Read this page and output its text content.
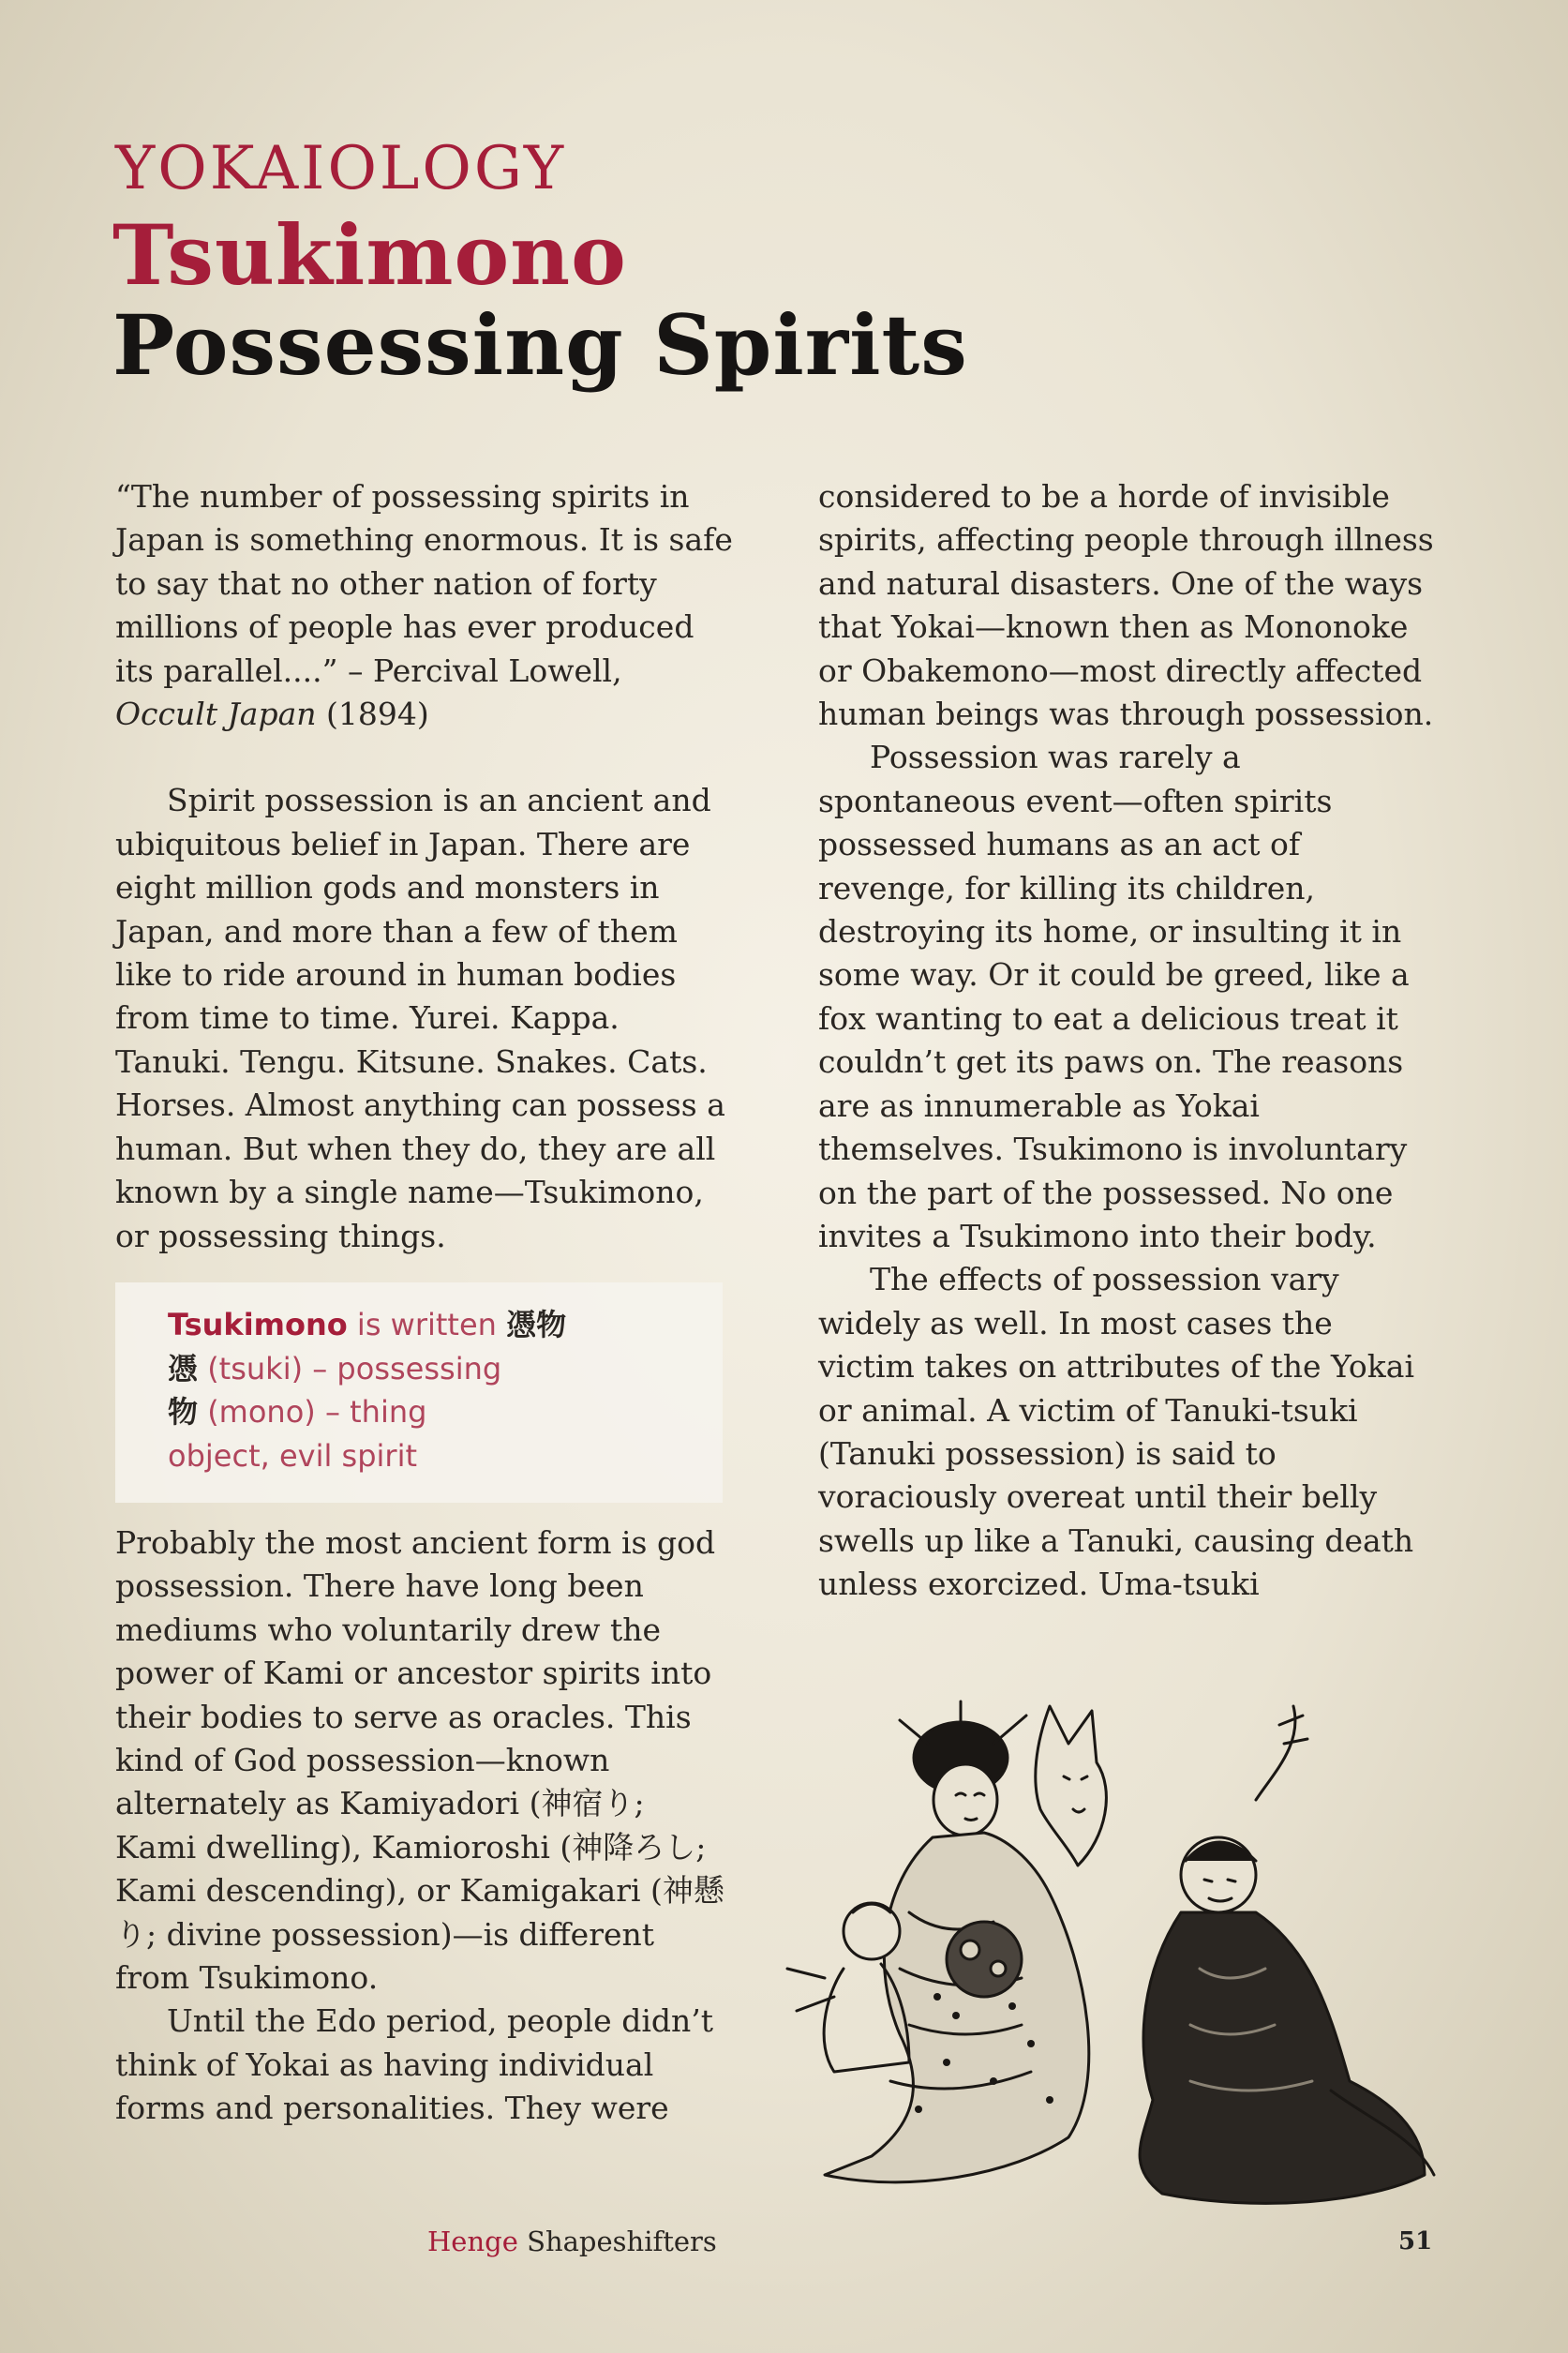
YOKAIOLOGY
Tsukimono
Possessing Spirits

“The number of possessing spirits in Japan is something enormous. It is safe to say that no other nation of forty millions of people has ever produced its parallel....” – Percival Lowell, Occult Japan (1894)

Spirit possession is an ancient and ubiquitous belief in Japan. There are eight million gods and monsters in Japan, and more than a few of them like to ride around in human bodies from time to time. Yurei. Kappa. Tanuki. Tengu. Kitsune. Snakes. Cats. Horses. Almost anything can possess a human. But when they do, they are all known by a single name—Tsukimono, or possessing things.

Tsukimono is written 憑物
憑 (tsuki) – possessing
物 (mono) – thing
object, evil spirit

Probably the most ancient form is god possession. There have long been mediums who voluntarily drew the power of Kami or ancestor spirits into their bodies to serve as oracles. This kind of God possession—known alternately as Kamiyadori (神宿り; Kami dwelling), Kamioroshi (神降ろし; Kami descending), or Kamigakari (神懸り; divine possession)—is different from Tsukimono.

Until the Edo period, people didn’t think of Yokai as having individual forms and personalities. They were

considered to be a horde of invisible spirits, affecting people through illness and natural disasters. One of the ways that Yokai—known then as Mononoke or Obakemono—most directly affected human beings was through possession.

Possession was rarely a spontaneous event—often spirits possessed humans as an act of revenge, for killing its children, destroying its home, or insulting it in some way. Or it could be greed, like a fox wanting to eat a delicious treat it couldn’t get its paws on. The reasons are as innumerable as Yokai themselves. Tsukimono is involuntary on the part of the possessed. No one invites a Tsukimono into their body.

The effects of possession vary widely as well. In most cases the victim takes on attributes of the Yokai or animal. A victim of Tanuki-tsuki (Tanuki possession) is said to voraciously overeat until their belly swells up like a Tanuki, causing death unless exorcized. Uma-tsuki

Henge Shapeshifters	51
